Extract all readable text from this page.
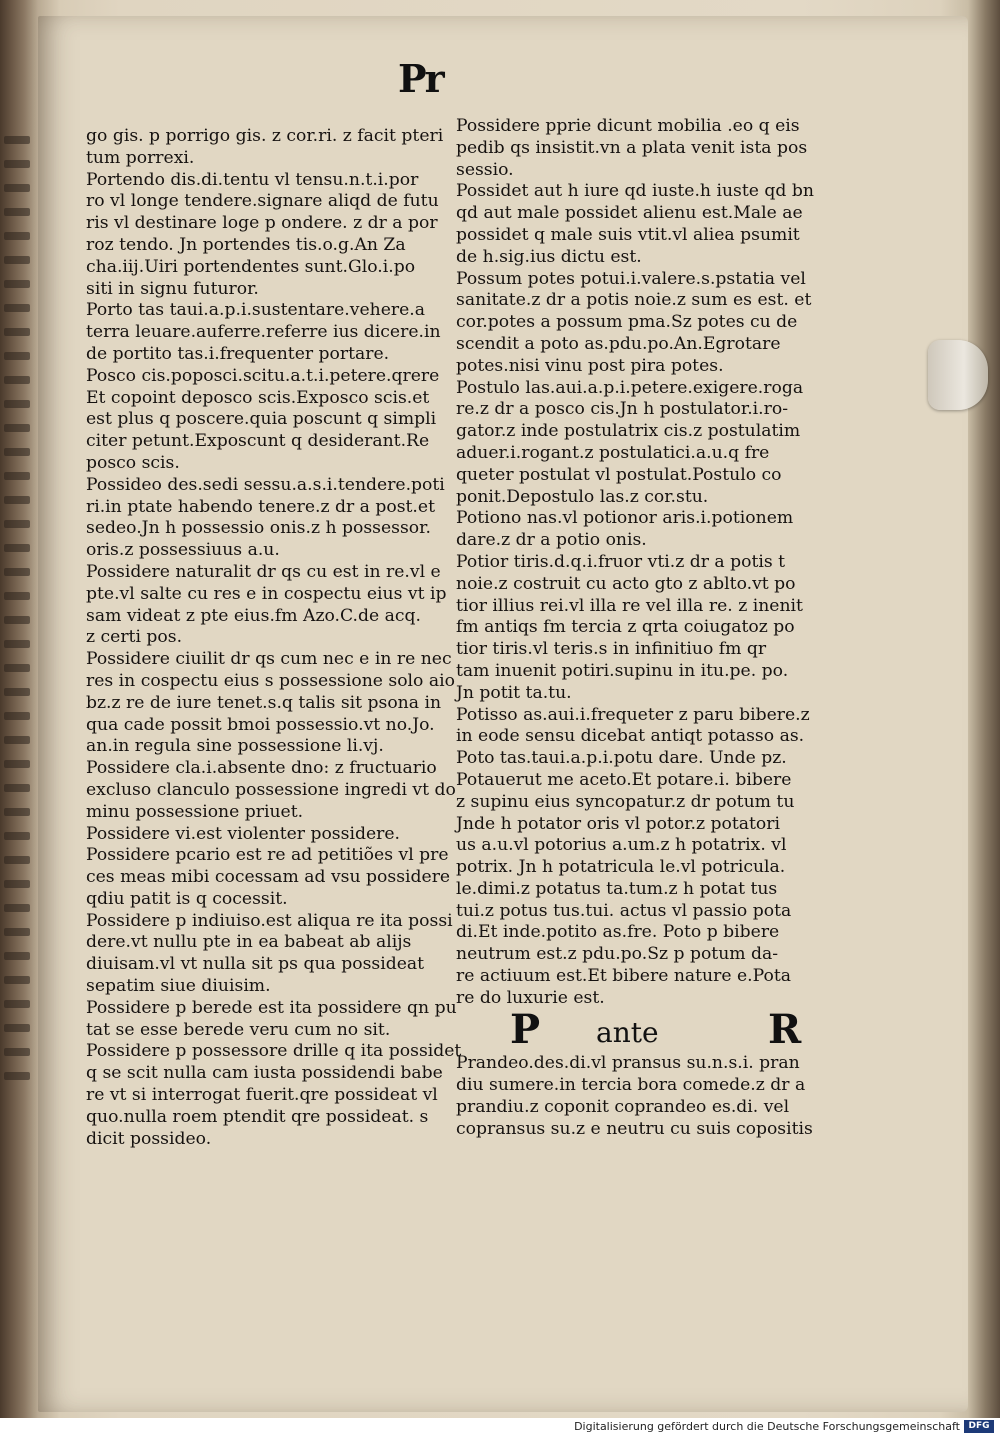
Pr
go gis. p porrigo gis. z cor.ri. z facit pteri
tum porrexi.
Portendo dis.di.tentu vl tensu.n.t.i.por
ro vl longe tendere.signare aliqd de futu
ris vl destinare loge p ondere. z dr a por
roz tendo. Jn portendes tis.o.g.An Za
cha.iij.Uiri portendentes sunt.Glo.i.po
siti in signu futuror.
Porto tas taui.a.p.i.sustentare.vehere.a
terra leuare.auferre.referre ius dicere.in
de portito tas.i.frequenter portare.
Posco cis.poposci.scitu.a.t.i.petere.qrere
Et copoint deposco scis.Exposco scis.et
est plus q poscere.quia poscunt q simpli
citer petunt.Exposcunt q desiderant.Re
posco scis.
Possideo des.sedi sessu.a.s.i.tendere.poti
ri.in ptate habendo tenere.z dr a post.et
sedeo.Jn h possessio onis.z h possessor.
oris.z possessiuus a.u.
Possidere naturalit dr qs cu est in re.vl e
pte.vl salte cu res e in cospectu eius vt ip
sam videat z pte eius.fm Azo.C.de acq.
z certi pos.
Possidere ciuilit dr qs cum nec e in re nec
res in cospectu eius s possessione solo aio
bz.z re de iure tenet.s.q talis sit psona in
qua cade possit bmoi possessio.vt no.Jo.
an.in regula sine possessione li.vj.
Possidere cla.i.absente dno: z fructuario
excluso clanculo possessione ingredi vt do
minu possessione priuet.
Possidere vi.est violenter possidere.
Possidere pcario est re ad petitiões vl pre
ces meas mibi cocessam ad vsu possidere
qdiu patit is q cocessit.
Possidere p indiuiso.est aliqua re ita possi
dere.vt nullu pte in ea babeat ab alijs
diuisam.vl vt nulla sit ps qua possideat
sepatim siue diuisim.
Possidere p berede est ita possidere qn pu
tat se esse berede veru cum no sit.
Possidere p possessore drille q ita possidet
q se scit nulla cam iusta possidendi babe
re vt si interrogat fuerit.qre possideat vl
quo.nulla roem ptendit qre possideat. s
dicit possideo.
Possidere pprie dicunt mobilia .eo q eis
pedib qs insistit.vn a plata venit ista pos
sessio.
Possidet aut h iure qd iuste.h iuste qd bn
qd aut male possidet alienu est.Male ae
possidet q male suis vtit.vl aliea psumit
de h.sig.ius dictu est.
Possum potes potui.i.valere.s.pstatia vel
sanitate.z dr a potis noie.z sum es est. et
cor.potes a possum pma.Sz potes cu de
scendit a poto as.pdu.po.An.Egrotare
potes.nisi vinu post pira potes.
Postulo las.aui.a.p.i.petere.exigere.roga
re.z dr a posco cis.Jn h postulator.i.ro-
gator.z inde postulatrix cis.z postulatim
aduer.i.rogant.z postulatici.a.u.q fre
queter postulat vl postulat.Postulo co
ponit.Depostulo las.z cor.stu.
Potiono nas.vl potionor aris.i.potionem
dare.z dr a potio onis.
Potior tiris.d.q.i.fruor vti.z dr a potis t
noie.z costruit cu acto gto z ablto.vt po
tior illius rei.vl illa re vel illa re. z inenit
fm antiqs fm tercia z qrta coiugatoz po
tior tiris.vl teris.s in infinitiuo fm qr
tam inuenit potiri.supinu in itu.pe. po.
Jn potit ta.tu.
Potisso as.aui.i.frequeter z paru bibere.z
in eode sensu dicebat antiqt potasso as.
Poto tas.taui.a.p.i.potu dare. Unde pz.
Potauerut me aceto.Et potare.i. bibere
z supinu eius syncopatur.z dr potum tu
Jnde h potator oris vl potor.z potatori
us a.u.vl potorius a.um.z h potatrix. vl
potrix. Jn h potatricula le.vl potricula.
le.dimi.z potatus ta.tum.z h potat tus
tui.z potus tus.tui. actus vl passio pota
di.Et inde.potito as.fre. Poto p bibere
neutrum est.z pdu.po.Sz p potum da-
re actiuum est.Et bibere nature e.Pota
re do luxurie est.
Prandeo.des.di.vl pransus su.n.s.i. pran
diu sumere.in tercia bora comede.z dr a
prandiu.z coponit coprandeo es.di. vel
copransus su.z e neutru cu suis copositis
P ante	R
Digitalisierung gefördert durch die Deutsche Forschungsgemeinschaft DFG
